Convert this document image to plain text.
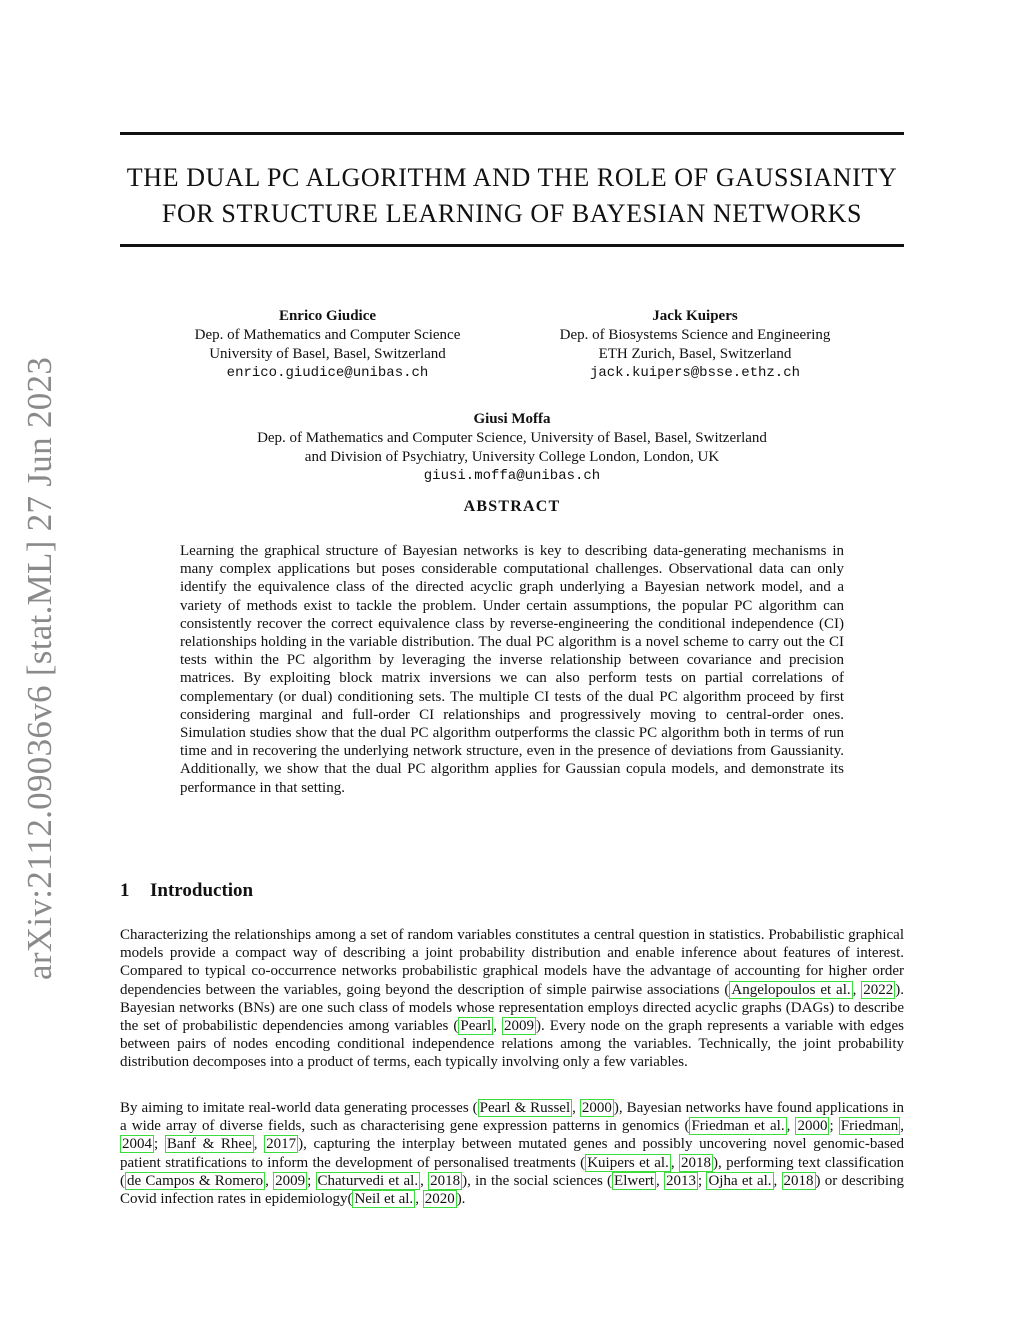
arXiv:2112.09036v6 [stat.ML] 27 Jun 2023
THE DUAL PC ALGORITHM AND THE ROLE OF GAUSSIANITY
FOR STRUCTURE LEARNING OF BAYESIAN NETWORKS
Enrico Giudice
Dep. of Mathematics and Computer Science
University of Basel, Basel, Switzerland
enrico.giudice@unibas.ch
Jack Kuipers
Dep. of Biosystems Science and Engineering
ETH Zurich, Basel, Switzerland
jack.kuipers@bsse.ethz.ch
Giusi Moffa
Dep. of Mathematics and Computer Science, University of Basel, Basel, Switzerland
and Division of Psychiatry, University College London, London, UK
giusi.moffa@unibas.ch
ABSTRACT

Learning the graphical structure of Bayesian networks is key to describing data-generating mechanisms in many complex applications but poses considerable computational challenges. Observational data can only identify the equivalence class of the directed acyclic graph underlying a Bayesian network model, and a variety of methods exist to tackle the problem. Under certain assumptions, the popular PC algorithm can consistently recover the correct equivalence class by reverse-engineering the conditional independence (CI) relationships holding in the variable distribution. The dual PC algorithm is a novel scheme to carry out the CI tests within the PC algorithm by leveraging the inverse relationship between covariance and precision matrices. By exploiting block matrix inversions we can also perform tests on partial correlations of complementary (or dual) conditioning sets. The multiple CI tests of the dual PC algorithm proceed by first considering marginal and full-order CI relationships and progressively moving to central-order ones. Simulation studies show that the dual PC algorithm outperforms the classic PC algorithm both in terms of run time and in recovering the underlying network structure, even in the presence of deviations from Gaussianity. Additionally, we show that the dual PC algorithm applies for Gaussian copula models, and demonstrate its performance in that setting.

1 Introduction

Characterizing the relationships among a set of random variables constitutes a central question in statistics. Probabilistic graphical models provide a compact way of describing a joint probability distribution and enable inference about features of interest. Compared to typical co-occurrence networks probabilistic graphical models have the advantage of accounting for higher order dependencies between the variables, going beyond the description of simple pairwise associations ( Angelopoulos et al. , 2022 ). Bayesian networks (BNs) are one such class of models whose representation employs directed acyclic graphs (DAGs) to describe the set of probabilistic dependencies among variables ( Pearl , 2009 ). Every node on the graph represents a variable with edges between pairs of nodes encoding conditional independence relations among the variables. Technically, the joint probability distribution decomposes into a product of terms, each typically involving only a few variables.

By aiming to imitate real-world data generating processes ( Pearl & Russel , 2000 ), Bayesian networks have found applications in a wide array of diverse fields, such as characterising gene expression patterns in genomics ( Friedman et al. , 2000 ; Friedman , 2004 ; Banf & Rhee , 2017 ), capturing the interplay between mutated genes and possibly uncovering novel genomic-based patient stratifications to inform the development of personalised treatments ( Kuipers et al. , 2018 ), performing text classification ( de Campos & Romero , 2009 ; Chaturvedi et al. , 2018 ), in the social sciences ( Elwert , 2013 ; Ojha et al. , 2018 ) or describing Covid infection rates in epidemiology( Neil et al. , 2020 ).
